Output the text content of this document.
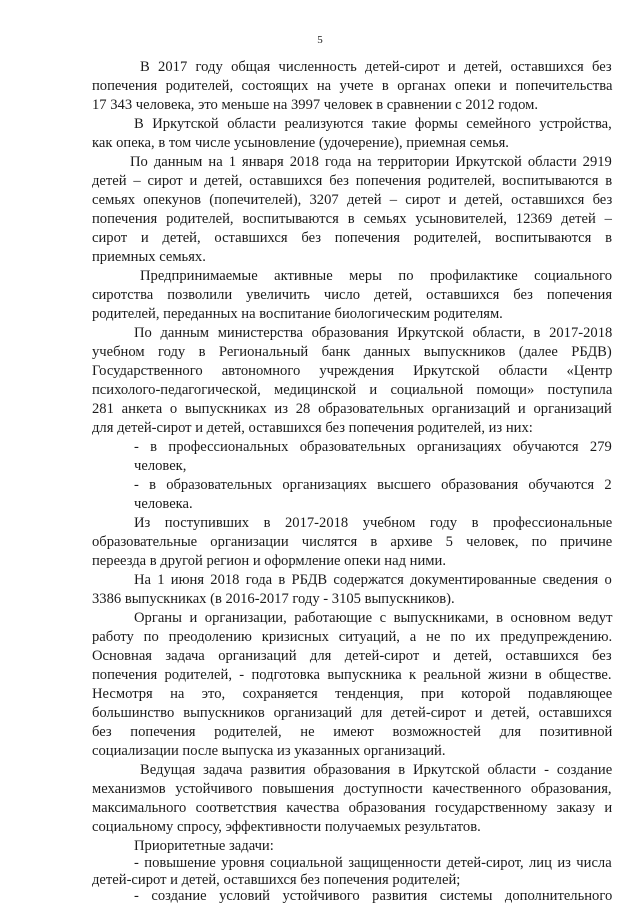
5
В 2017 году общая численность детей-сирот и детей, оставшихся без
попечения родителей, состоящих на учете в органах опеки и попечительства
17 343 человека, это меньше на 3997 человек в сравнении с 2012 годом.
В Иркутской области реализуются такие формы семейного устройства,
как опека, в том числе усыновление (удочерение), приемная семья.
По данным на 1 января 2018 года на территории Иркутской области 2919
детей – сирот и детей, оставшихся без попечения родителей, воспитываются в
семьях опекунов (попечителей), 3207 детей – сирот и детей, оставшихся без
попечения родителей, воспитываются в семьях усыновителей, 12369 детей –
сирот и детей, оставшихся без попечения родителей, воспитываются в
приемных семьях.
Предпринимаемые активные меры по профилактике социального
сиротства позволили увеличить число детей, оставшихся без попечения
родителей, переданных на воспитание биологическим родителям.
По данным министерства образования Иркутской области, в 2017-2018
учебном году в Региональный банк данных выпускников (далее РБДВ)
Государственного автономного учреждения Иркутской области «Центр
психолого-педагогической, медицинской и социальной помощи» поступила
281 анкета о выпускниках из 28 образовательных организаций и организаций
для детей-сирот и детей, оставшихся без попечения родителей, из них:
- в профессиональных образовательных организациях обучаются 279
человек,
- в образовательных организациях высшего образования обучаются 2
человека.
Из поступивших в 2017-2018 учебном году в профессиональные
образовательные организации числятся в архиве 5 человек, по причине
переезда в другой регион и оформление опеки над ними.
На 1 июня 2018 года в РБДВ содержатся документированные сведения о
3386 выпускниках (в 2016-2017 году - 3105 выпускников).
Органы и организации, работающие с выпускниками, в основном ведут
работу по преодолению кризисных ситуаций, а не по их предупреждению.
Основная задача организаций для детей-сирот и детей, оставшихся без
попечения родителей, - подготовка выпускника к реальной жизни в обществе.
Несмотря на это, сохраняется тенденция, при которой подавляющее
большинство выпускников организаций для детей-сирот и детей, оставшихся
без попечения родителей, не имеют возможностей для позитивной
социализации после выпуска из указанных организаций.
Ведущая задача развития образования в Иркутской области - создание
механизмов устойчивого повышения доступности качественного образования,
максимального соответствия качества образования государственному заказу и
социальному спросу, эффективности получаемых результатов.
Приоритетные задачи:
- повышение уровня социальной защищенности детей-сирот, лиц из числа
детей-сирот и детей, оставшихся без попечения родителей;
- создание условий устойчивого развития системы дополнительного
